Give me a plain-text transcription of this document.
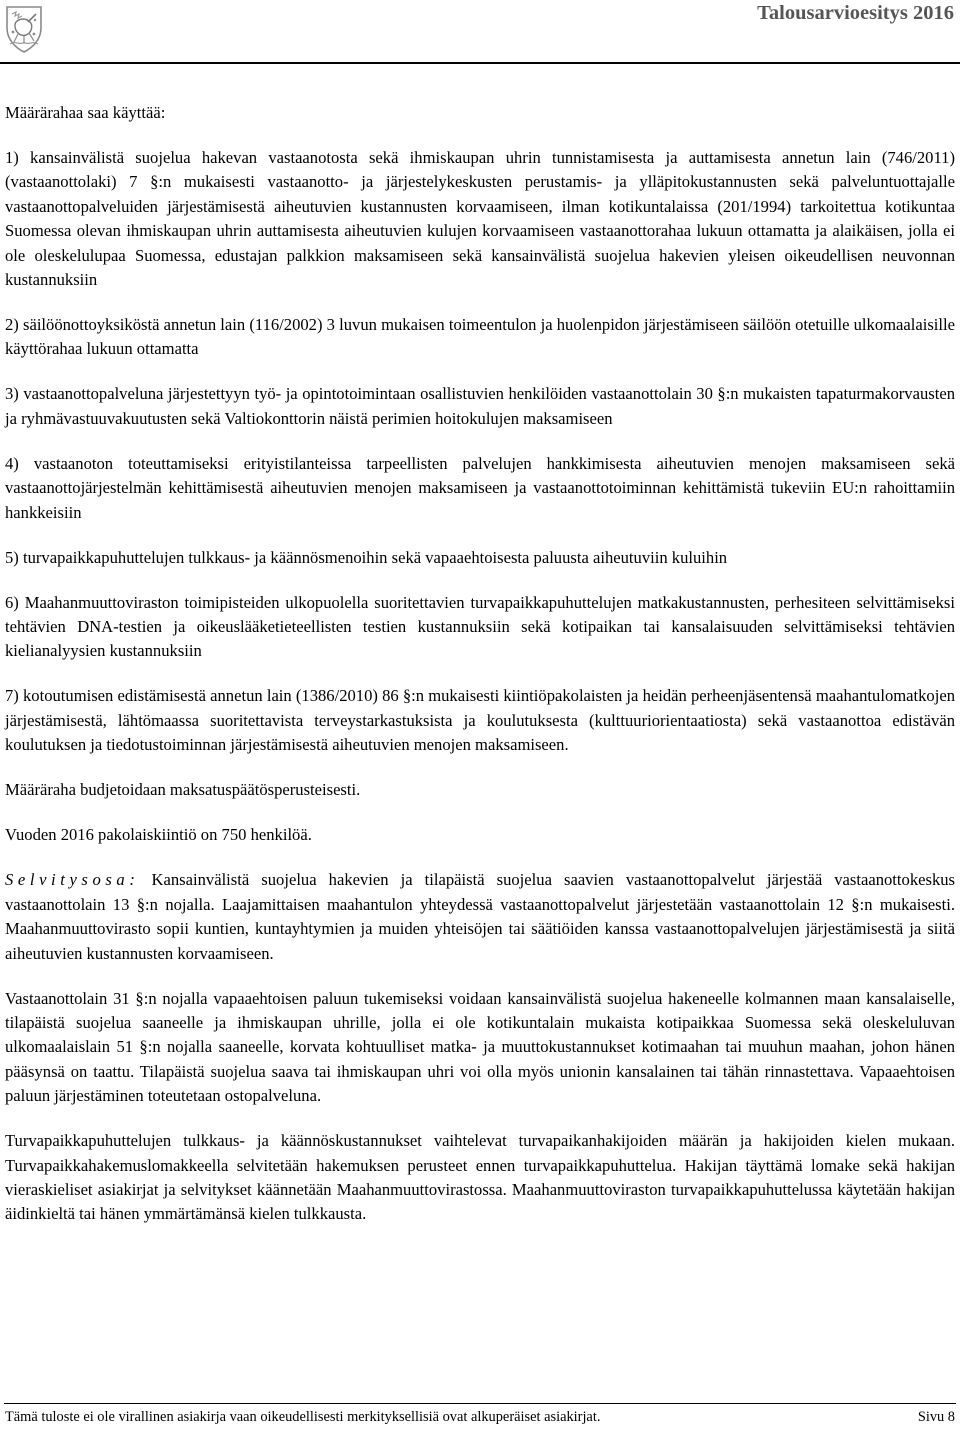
Talousarvioesitys 2016

Määrärahaa saa käyttää:

1) kansainvälistä suojelua hakevan vastaanotosta sekä ihmiskaupan uhrin tunnistamisesta ja auttamisesta annetun lain (746/2011) (vastaanottolaki) 7 §:n mukaisesti vastaanotto- ja järjestelykeskusten perustamis- ja ylläpitokustannusten sekä palveluntuottajalle vastaanottopalveluiden järjestämisestä aiheutuvien kustannusten korvaamiseen, ilman kotikuntalaissa (201/1994) tarkoitettua kotikuntaa Suomessa olevan ihmiskaupan uhrin auttamisesta aiheutuvien kulujen korvaamiseen vastaanottorahaa lukuun ottamatta ja alaikäisen, jolla ei ole oleskelulupaa Suomessa, edustajan palkkion maksamiseen sekä kansainvälistä suojelua hakevien yleisen oikeudellisen neuvonnan kustannuksiin

2) säilöönottoyksiköstä annetun lain (116/2002) 3 luvun mukaisen toimeentulon ja huolenpidon järjestämiseen säilöön otetuille ulkomaalaisille käyttörahaa lukuun ottamatta

3) vastaanottopalveluna järjestettyyn työ- ja opintotoimintaan osallistuvien henkilöiden vastaanottolain 30 §:n mukaisten tapaturmakorvausten ja ryhmävastuuvakuutusten sekä Valtiokonttorin näistä perimien hoitokulujen maksamiseen

4) vastaanoton toteuttamiseksi erityistilanteissa tarpeellisten palvelujen hankkimisesta aiheutuvien menojen maksamiseen sekä vastaanottojärjestelmän kehittämisestä aiheutuvien menojen maksamiseen ja vastaanottotoiminnan kehittämistä tukeviin EU:n rahoittamiin hankkeisiin

5) turvapaikkapuhuttelujen tulkkaus- ja käännösmenoihin sekä vapaaehtoisesta paluusta aiheutuviin kuluihin

6) Maahanmuuttoviraston toimipisteiden ulkopuolella suoritettavien turvapaikkapuhuttelujen matkakustannusten, perhesiteen selvittämiseksi tehtävien DNA-testien ja oikeuslääketieteellisten testien kustannuksiin sekä kotipaikan tai kansalaisuuden selvittämiseksi tehtävien kielianalyysien kustannuksiin

7) kotoutumisen edistämisestä annetun lain (1386/2010) 86 §:n mukaisesti kiintiöpakolaisten ja heidän perheenjäsentensä maahantulomatkojen järjestämisestä, lähtömaassa suoritettavista terveystarkastuksista ja koulutuksesta (kulttuuriorientaatiosta) sekä vastaanottoa edistävän koulutuksen ja tiedotustoiminnan järjestämisestä aiheutuvien menojen maksamiseen.

Määräraha budjetoidaan maksatuspäätösperusteisesti.

Vuoden 2016 pakolaiskiintiö on 750 henkilöä.

Selvitysosa: Kansainvälistä suojelua hakevien ja tilapäistä suojelua saavien vastaanottopalvelut järjestää vastaanottokeskus vastaanottolain 13 §:n nojalla. Laajamittaisen maahantulon yhteydessä vastaanottopalvelut järjestetään vastaanottolain 12 §:n mukaisesti. Maahanmuuttovirasto sopii kuntien, kuntayhtymien ja muiden yhteisöjen tai säätiöiden kanssa vastaanottopalvelujen järjestämisestä ja siitä aiheutuvien kustannusten korvaamiseen.

Vastaanottolain 31 §:n nojalla vapaaehtoisen paluun tukemiseksi voidaan kansainvälistä suojelua hakeneelle kolmannen maan kansalaiselle, tilapäistä suojelua saaneelle ja ihmiskaupan uhrille, jolla ei ole kotikuntalain mukaista kotipaikkaa Suomessa sekä oleskeluluvan ulkomaalaislain 51 §:n nojalla saaneelle, korvata kohtuulliset matka- ja muuttokustannukset kotimaahan tai muuhun maahan, johon hänen pääsynsä on taattu. Tilapäistä suojelua saava tai ihmiskaupan uhri voi olla myös unionin kansalainen tai tähän rinnastettava. Vapaaehtoisen paluun järjestäminen toteutetaan ostopalveluna.

Turvapaikkapuhuttelujen tulkkaus- ja käännöskustannukset vaihtelevat turvapaikanhakijoiden määrän ja hakijoiden kielen mukaan. Turvapaikkahakemuslomakkeella selvitetään hakemuksen perusteet ennen turvapaikkapuhuttelua. Hakijan täyttämä lomake sekä hakijan vieraskieliset asiakirjat ja selvitykset käännetään Maahanmuuttovirastossa. Maahanmuuttoviraston turvapaikkapuhuttelussa käytetään hakijan äidinkieltä tai hänen ymmärtämänsä kielen tulkkausta.

Tämä tuloste ei ole virallinen asiakirja vaan oikeudellisesti merkityksellisiä ovat alkuperäiset asiakirjat.	Sivu 8
